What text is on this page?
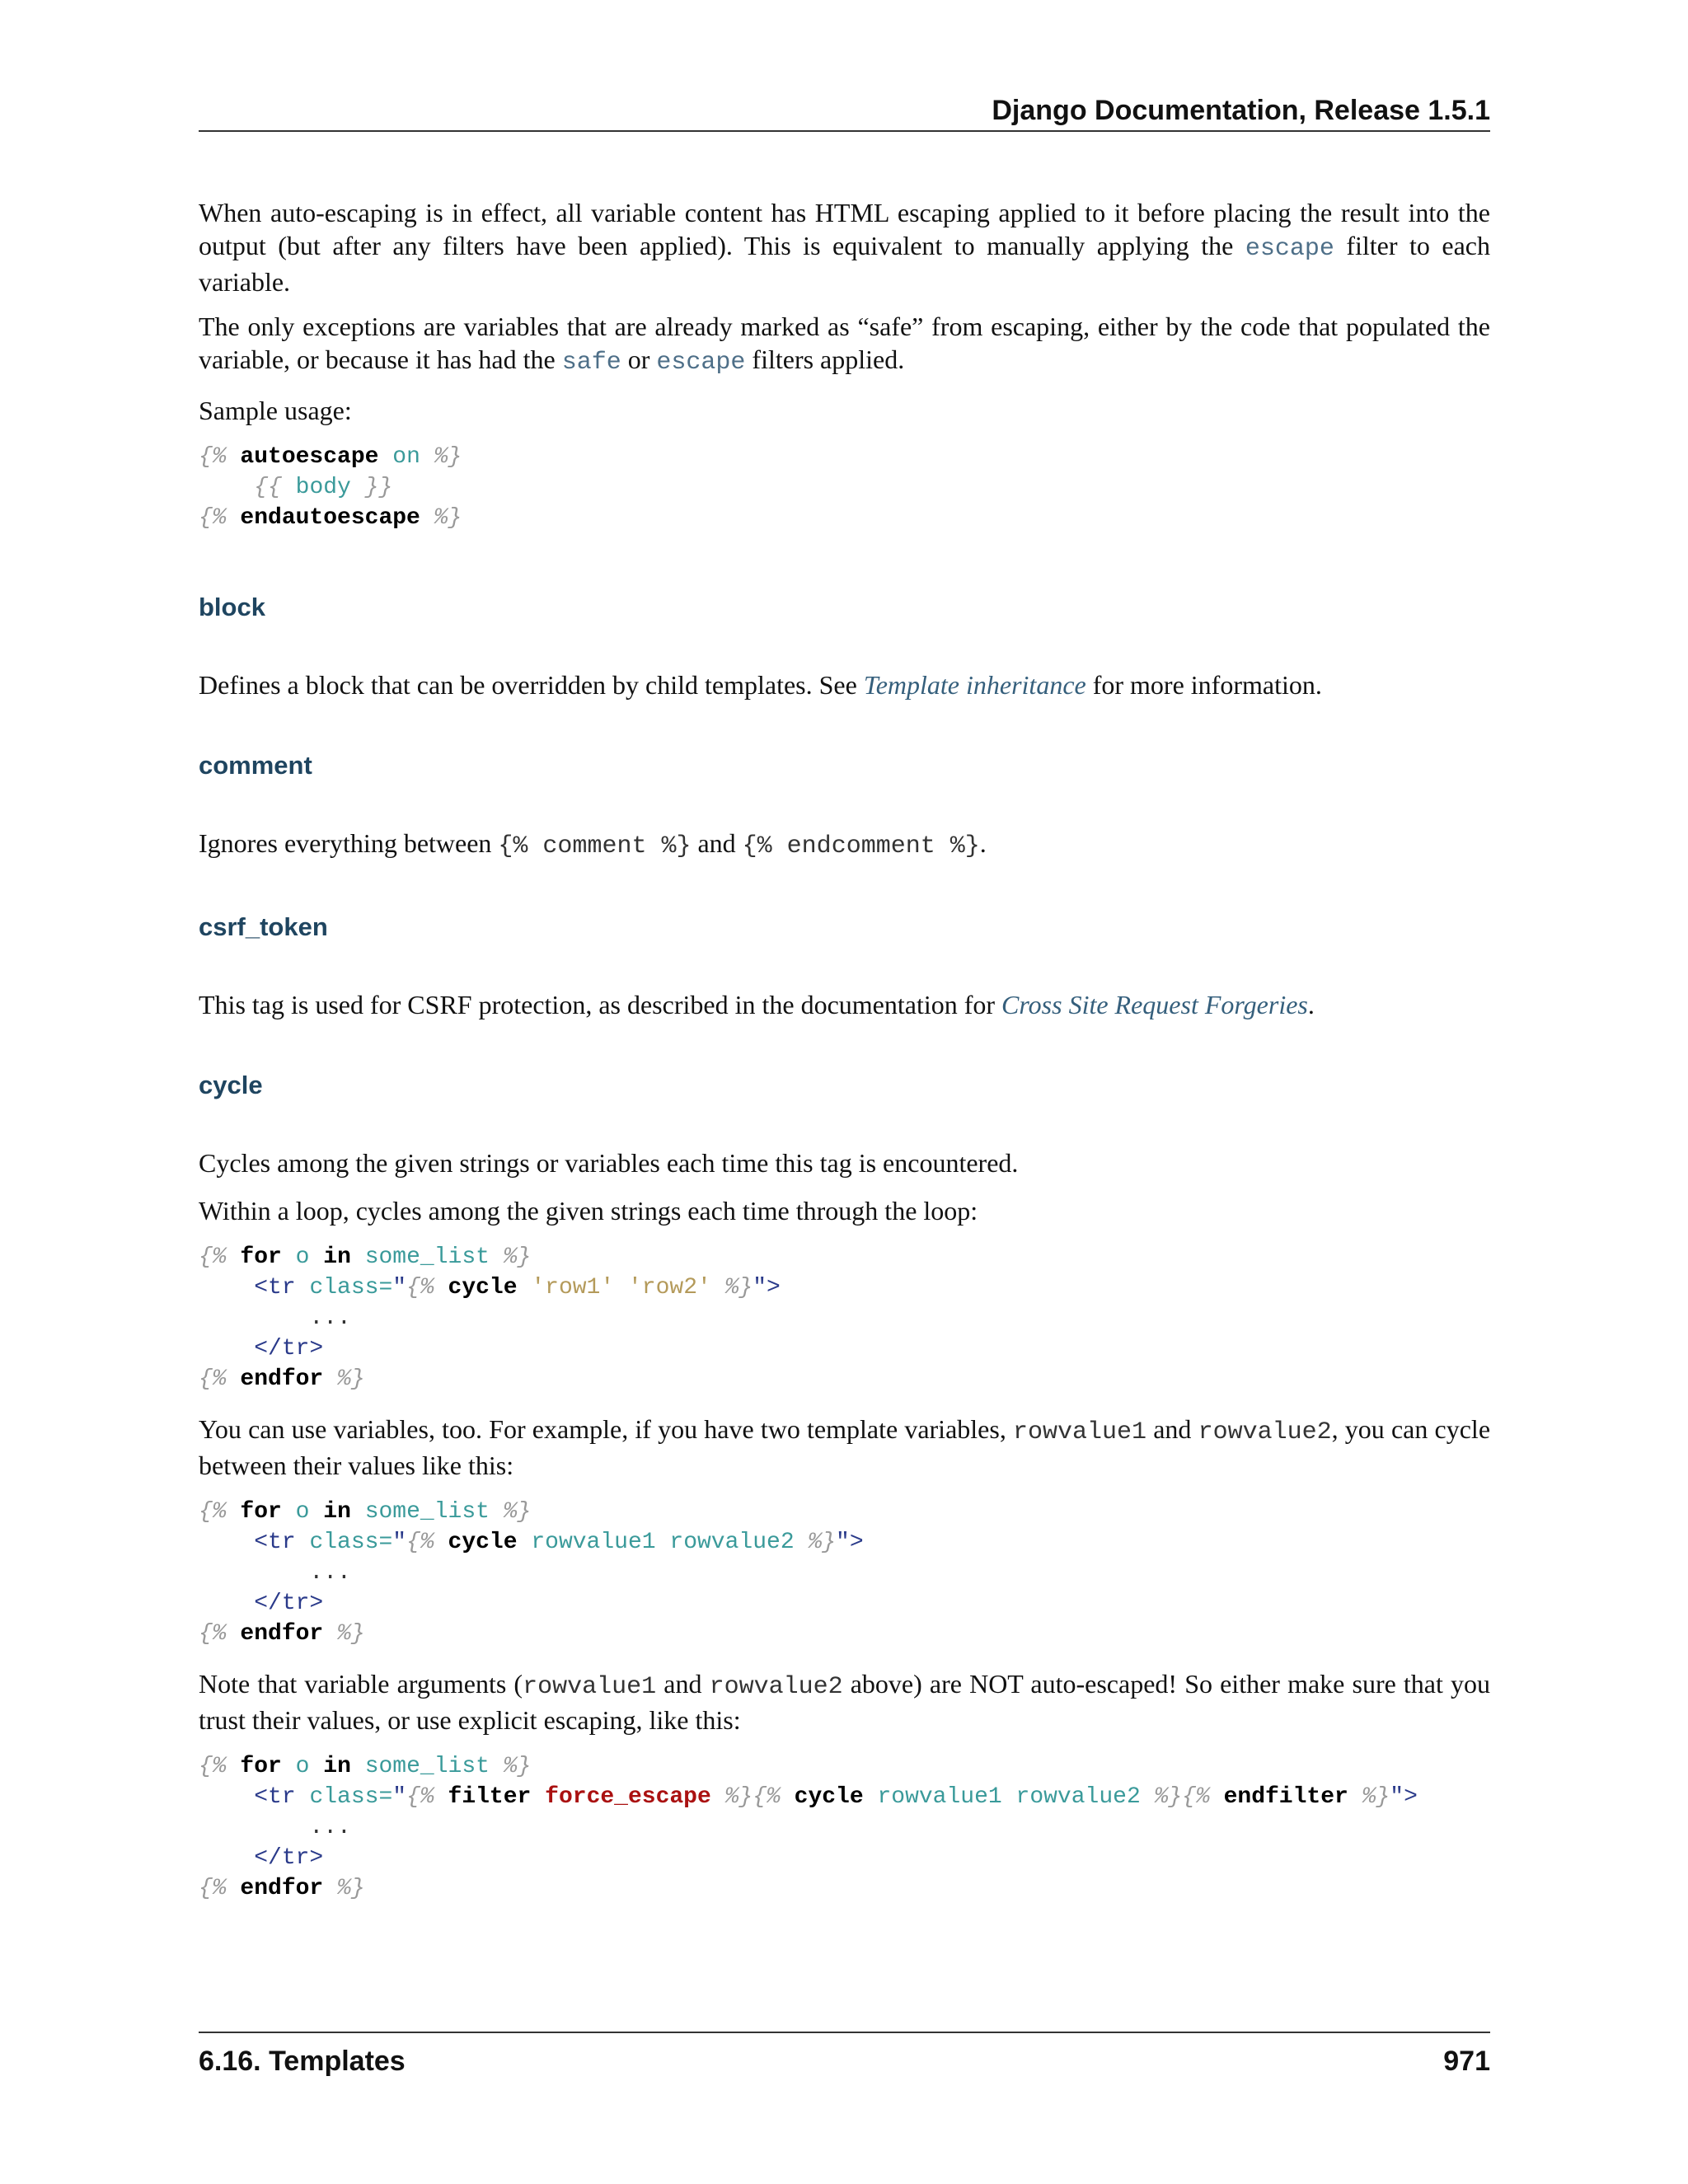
Django Documentation, Release 1.5.1

When auto-escaping is in effect, all variable content has HTML escaping applied to it before placing the result into the output (but after any filters have been applied). This is equivalent to manually applying the escape filter to each variable.

The only exceptions are variables that are already marked as “safe” from escaping, either by the code that populated the variable, or because it has had the safe or escape filters applied.

Sample usage:

{% autoescape on %}
{{ body }}
{% endautoescape %}
block

Defines a block that can be overridden by child templates. See Template inheritance for more information.

comment

Ignores everything between {% comment %} and {% endcomment %}.

csrf_token

This tag is used for CSRF protection, as described in the documentation for Cross Site Request Forgeries.

cycle

Cycles among the given strings or variables each time this tag is encountered.

Within a loop, cycles among the given strings each time through the loop:

{% for o in some_list %}
<tr class="{% cycle 'row1' 'row2' %}">
...
</tr>
{% endfor %}

You can use variables, too. For example, if you have two template variables, rowvalue1 and rowvalue2, you can cycle between their values like this:

{% for o in some_list %}
<tr class="{% cycle rowvalue1 rowvalue2 %}">
...
</tr>
{% endfor %}

Note that variable arguments (rowvalue1 and rowvalue2 above) are NOT auto-escaped! So either make sure that you trust their values, or use explicit escaping, like this:

{% for o in some_list %}
<tr class="{% filter force_escape %}{% cycle rowvalue1 rowvalue2 %}{% endfilter %}">
...
</tr>
{% endfor %}
6.16. Templates	971
